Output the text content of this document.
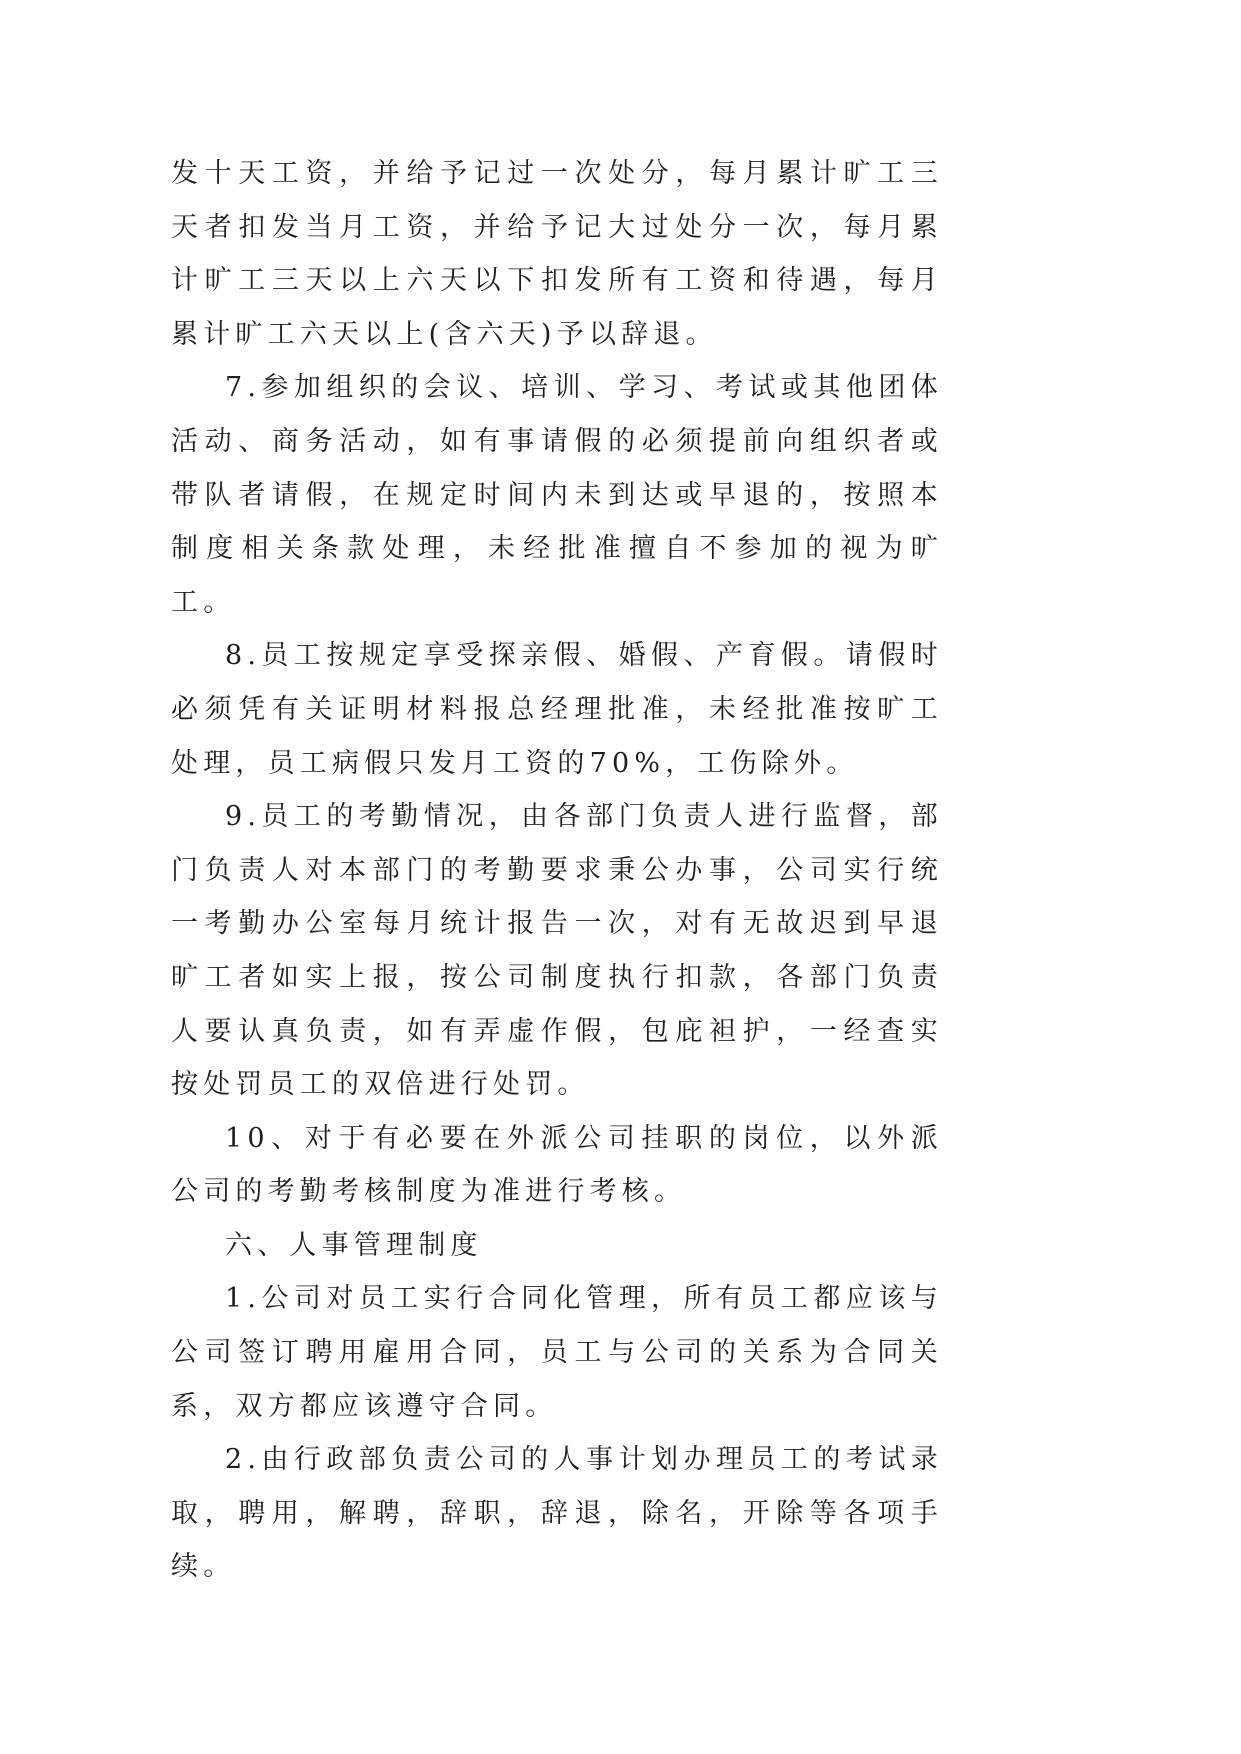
发十天工资，并给予记过一次处分，每月累计旷工三天者扣发当月工资，并给予记大过处分一次，每月累计旷工三天以上六天以下扣发所有工资和待遇，每月累计旷工六天以上(含六天)予以辞退。

7.参加组织的会议、培训、学习、考试或其他团体活动、商务活动，如有事请假的必须提前向组织者或带队者请假，在规定时间内未到达或早退的，按照本制度相关条款处理，未经批准擅自不参加的视为旷工。

8.员工按规定享受探亲假、婚假、产育假。请假时必须凭有关证明材料报总经理批准，未经批准按旷工处理，员工病假只发月工资的70%，工伤除外。

9.员工的考勤情况，由各部门负责人进行监督，部门负责人对本部门的考勤要求秉公办事，公司实行统一考勤办公室每月统计报告一次，对有无故迟到早退旷工者如实上报，按公司制度执行扣款，各部门负责人要认真负责，如有弄虚作假，包庇袒护，一经查实按处罚员工的双倍进行处罚。

10、对于有必要在外派公司挂职的岗位，以外派公司的考勤考核制度为准进行考核。

六、人事管理制度

1.公司对员工实行合同化管理，所有员工都应该与公司签订聘用雇用合同，员工与公司的关系为合同关系，双方都应该遵守合同。

2.由行政部负责公司的人事计划办理员工的考试录取，聘用，解聘，辞职，辞退，除名，开除等各项手续。
